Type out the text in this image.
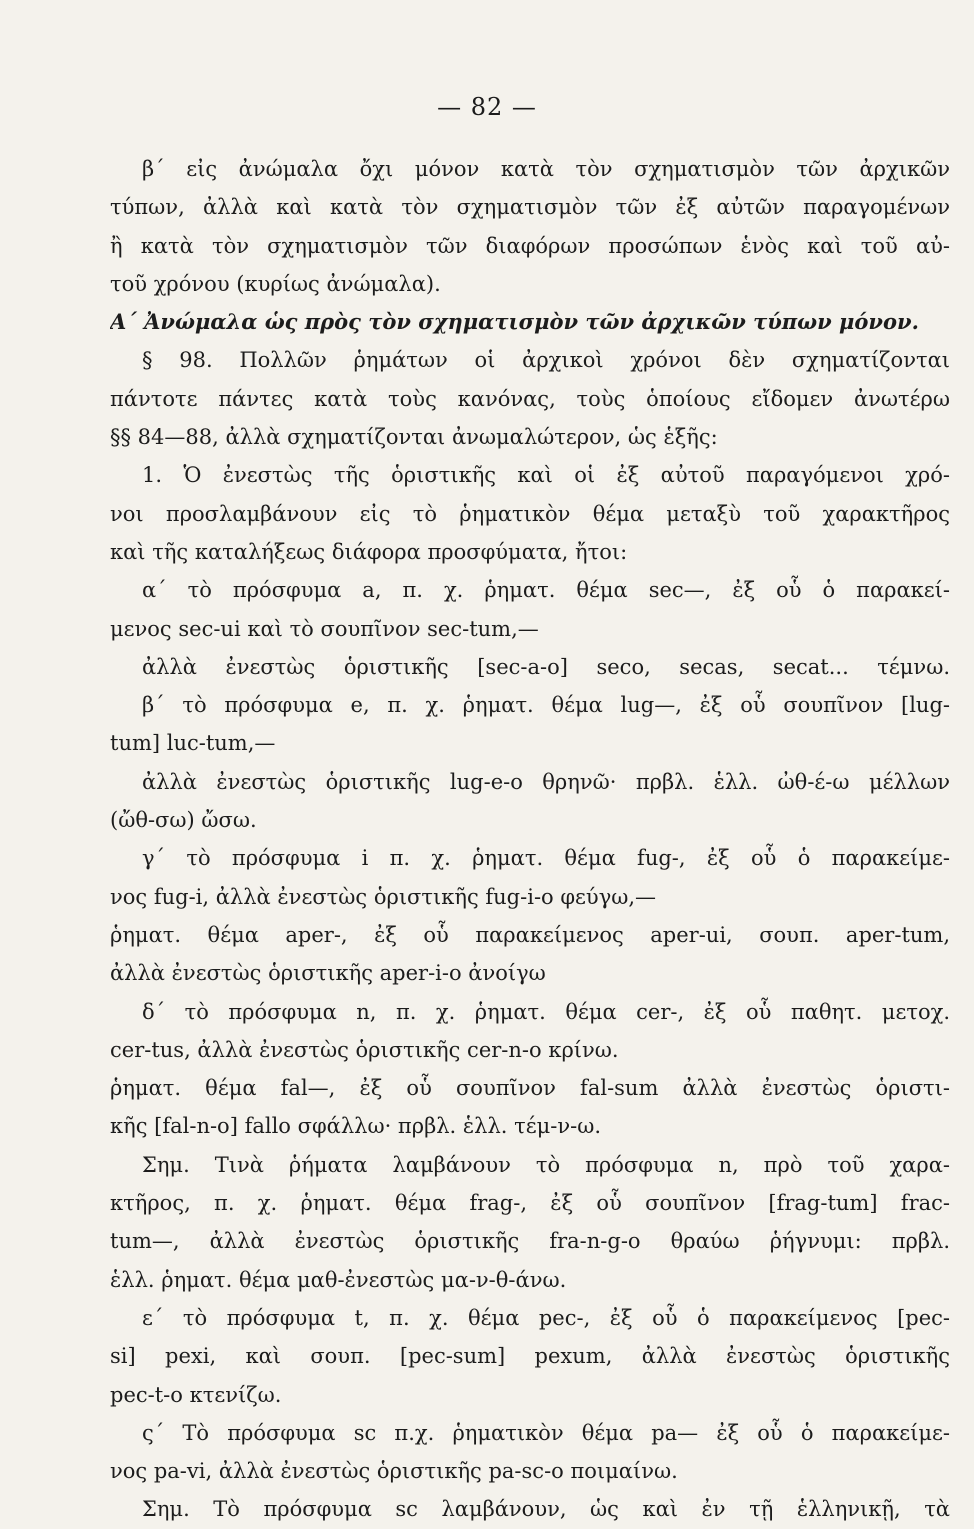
— 82 —
β΄ εἰς ἀνώμαλα ὄχι μόνον κατὰ τὸν σχηματισμὸν τῶν ἀρχικῶν
τύπων, ἀλλὰ καὶ κατὰ τὸν σχηματισμὸν τῶν ἐξ αὐτῶν παραγομένων
ἢ κατὰ τὸν σχηματισμὸν τῶν διαφόρων προσώπων ἑνὸς καὶ τοῦ αὐ-
τοῦ χρόνου (κυρίως ἀνώμαλα).
Α΄ Ἀνώμαλα ὡς πρὸς τὸν σχηματισμὸν τῶν ἀρχικῶν τύπων μόνον.
§ 98. Πολλῶν ῥημάτων οἱ ἀρχικοὶ χρόνοι δὲν σχηματίζονται
πάντοτε πάντες κατὰ τοὺς κανόνας, τοὺς ὁποίους εἴδομεν ἀνωτέρω
§§ 84—88, ἀλλὰ σχηματίζονται ἀνωμαλώτερον, ὡς ἑξῆς:
1. Ὁ ἐνεστὼς τῆς ὁριστικῆς καὶ οἱ ἐξ αὐτοῦ παραγόμενοι χρό-
νοι προσλαμβάνουν εἰς τὸ ῥηματικὸν θέμα μεταξὺ τοῦ χαρακτῆρος
καὶ τῆς καταλήξεως διάφορα προσφύματα, ἤτοι:
α΄ τὸ πρόσφυμα a, π. χ. ῥηματ. θέμα sec—, ἐξ οὗ ὁ παρακεί-
μενος sec-ui καὶ τὸ σουπῖνον sec-tum,—
ἀλλὰ ἐνεστὼς ὁριστικῆς [sec-a-o] seco, secas, secat... τέμνω.
β΄ τὸ πρόσφυμα e, π. χ. ῥηματ. θέμα lug—, ἐξ οὗ σουπῖνον [lug-
tum] luc-tum,—
ἀλλὰ ἐνεστὼς ὁριστικῆς lug-e-o θρηνῶ· πρβλ. ἑλλ. ὠθ-έ-ω μέλλων
(ὤθ-σω) ὤσω.
γ΄ τὸ πρόσφυμα i π. χ. ῥηματ. θέμα fug-, ἐξ οὗ ὁ παρακείμε-
νος fug-i, ἀλλὰ ἐνεστὼς ὁριστικῆς fug-i-o φεύγω,—
ῥηματ. θέμα aper-, ἐξ οὗ παρακείμενος aper-ui, σουπ. aper-tum,
ἀλλὰ ἐνεστὼς ὁριστικῆς aper-i-o ἀνοίγω
δ΄ τὸ πρόσφυμα n, π. χ. ῥηματ. θέμα cer-, ἐξ οὗ παθητ. μετοχ.
cer-tus, ἀλλὰ ἐνεστὼς ὁριστικῆς cer-n-o κρίνω.
ῥηματ. θέμα fal—, ἐξ οὗ σουπῖνον fal-sum ἀλλὰ ἐνεστὼς ὁριστι-
κῆς [fal-n-o] fallo σφάλλω· πρβλ. ἑλλ. τέμ-ν-ω.
Σημ. Τινὰ ῥήματα λαμβάνουν τὸ πρόσφυμα n, πρὸ τοῦ χαρα-
κτῆρος, π. χ. ῥηματ. θέμα frag-, ἐξ οὗ σουπῖνον [frag-tum] frac-
tum—, ἀλλὰ ἐνεστὼς ὁριστικῆς fra-n-g-o θραύω ῥήγνυμι: πρβλ.
ἑλλ. ῥηματ. θέμα μαθ-ἐνεστὼς μα-ν-θ-άνω.
ε΄ τὸ πρόσφυμα t, π. χ. θέμα pec-, ἐξ οὗ ὁ παρακείμενος [pec-
si] pexi, καὶ σουπ. [pec-sum] pexum, ἀλλὰ ἐνεστὼς ὁριστικῆς
pec-t-o κτενίζω.
ς΄ Τὸ πρόσφυμα sc π.χ. ῥηματικὸν θέμα pa— ἐξ οὗ ὁ παρακείμε-
νος pa-vi, ἀλλὰ ἐνεστὼς ὁριστικῆς pa-sc-o ποιμαίνω.
Σημ. Τὸ πρόσφυμα sc λαμβάνουν, ὡς καὶ ἐν τῇ ἑλληνικῇ, τὰ
